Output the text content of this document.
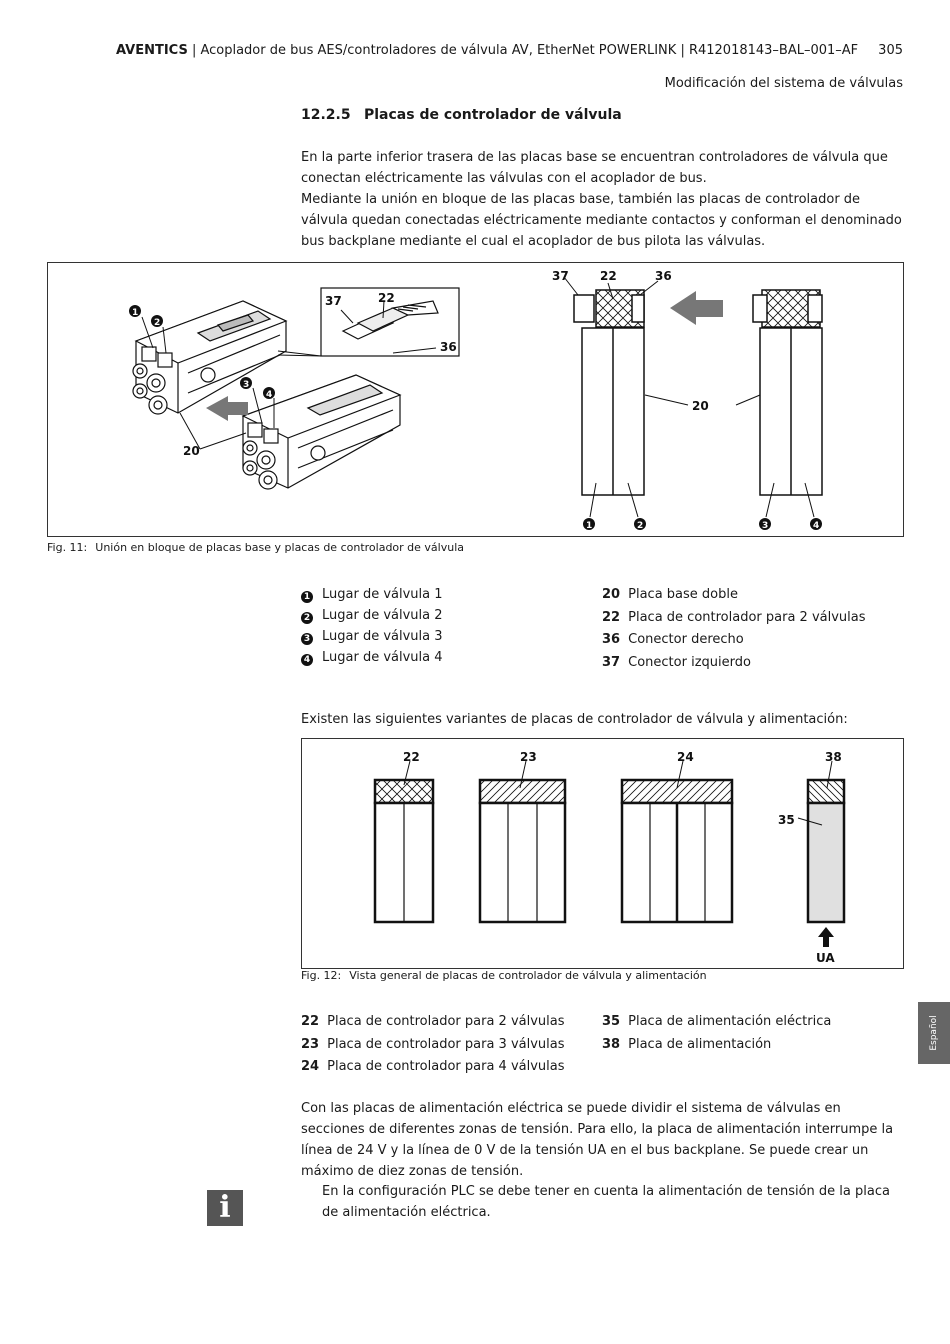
AVENTICS | Acoplador de bus AES/controladores de válvula AV, EtherNet POWERLINK | R412018143–BAL–001–AF 305
Modificación del sistema de válvulas
12.2.5 Placas de controlador de válvula

En la parte inferior trasera de las placas base se encuentran controladores de válvula que conectan eléctricamente las válvulas con el acoplador de bus.

Mediante la unión en bloque de las placas base, también las placas de controlador de válvula quedan conectadas eléctricamente mediante contactos y conforman el denominado bus backplane mediante el cual el acoplador de bus pilota las válvulas.

37	22
36
20
37	22	36
20
1
2
3
4
1	2	3	4
Fig. 11: Unión en bloque de placas base y placas de controlador de válvula
1 Lugar de válvula 1
2 Lugar de válvula 2
3 Lugar de válvula 3
4 Lugar de válvula 4
20 Placa base doble
22 Placa de controlador para 2 válvulas
36 Conector derecho
37 Conector izquierdo
Existen las siguientes variantes de placas de controlador de válvula y alimentación:
22	23	24	38
35
UA
Fig. 12: Vista general de placas de controlador de válvula y alimentación
22 Placa de controlador para 2 válvulas
23 Placa de controlador para 3 válvulas
24 Placa de controlador para 4 válvulas
35 Placa de alimentación eléctrica
38 Placa de alimentación
Con las placas de alimentación eléctrica se puede dividir el sistema de válvulas en secciones de diferentes zonas de tensión. Para ello, la placa de alimentación interrumpe la línea de 24 V y la línea de 0 V de la tensión UA en el bus backplane. Se puede crear un máximo de diez zonas de tensión.
i	En la configuración PLC se debe tener en cuenta la alimentación de tensión de la placa de alimentación eléctrica.
Español
